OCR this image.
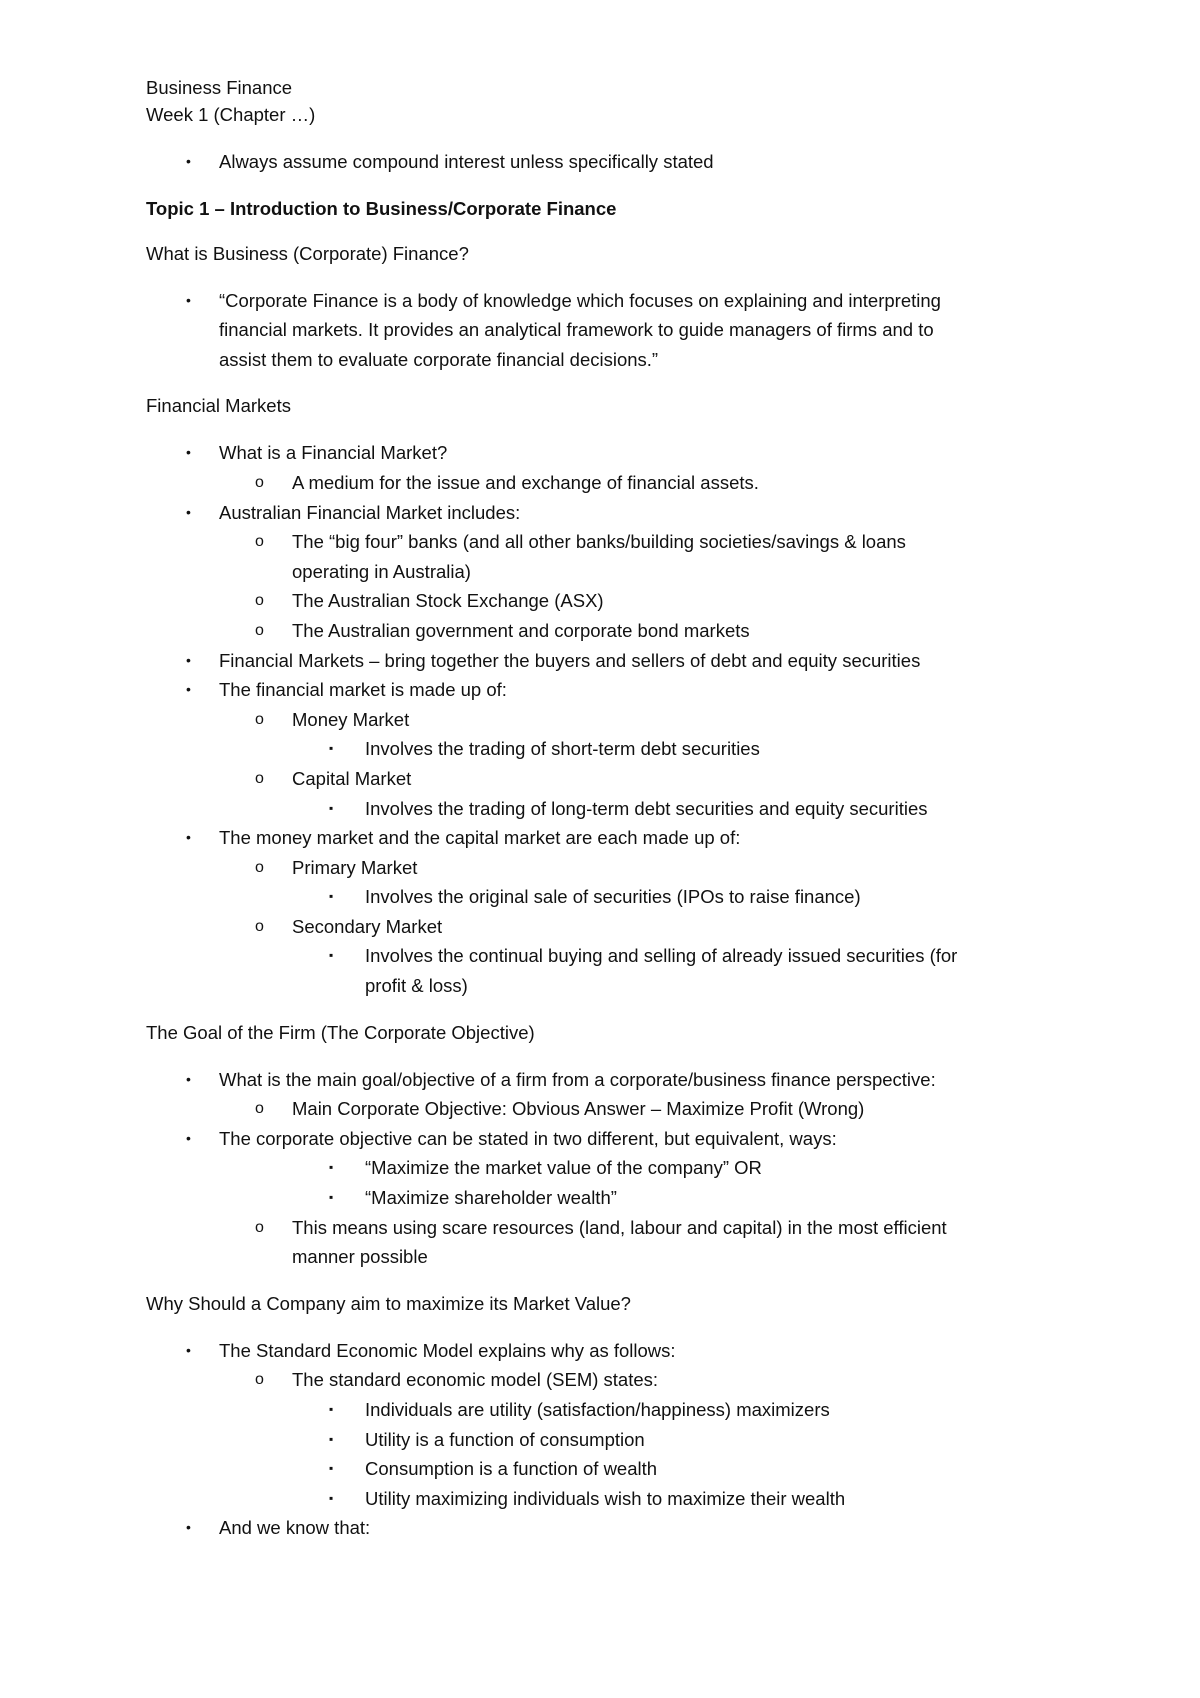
Business Finance

Week 1 (Chapter …)

• Always assume compound interest unless specifically stated

Topic 1 – Introduction to Business/Corporate Finance

What is Business (Corporate) Finance?

• “Corporate Finance is a body of knowledge which focuses on explaining and interpreting
financial markets. It provides an analytical framework to guide managers of firms and to
assist them to evaluate corporate financial decisions.”

Financial Markets

• What is a Financial Market?
o A medium for the issue and exchange of financial assets.
• Australian Financial Market includes:
o The “big four” banks (and all other banks/building societies/savings & loans
operating in Australia)
o The Australian Stock Exchange (ASX)
o The Australian government and corporate bond markets
• Financial Markets – bring together the buyers and sellers of debt and equity securities
• The financial market is made up of:
o Money Market
▪ Involves the trading of short-term debt securities
o Capital Market
▪ Involves the trading of long-term debt securities and equity securities
• The money market and the capital market are each made up of:
o Primary Market
▪ Involves the original sale of securities (IPOs to raise finance)
o Secondary Market
▪ Involves the continual buying and selling of already issued securities (for
profit & loss)

The Goal of the Firm (The Corporate Objective)

• What is the main goal/objective of a firm from a corporate/business finance perspective:
o Main Corporate Objective: Obvious Answer – Maximize Profit (Wrong)
• The corporate objective can be stated in two different, but equivalent, ways:
▪ “Maximize the market value of the company” OR
▪ “Maximize shareholder wealth”
o This means using scare resources (land, labour and capital) in the most efficient
manner possible

Why Should a Company aim to maximize its Market Value?

• The Standard Economic Model explains why as follows:
o The standard economic model (SEM) states:
▪ Individuals are utility (satisfaction/happiness) maximizers
▪ Utility is a function of consumption
▪ Consumption is a function of wealth
▪ Utility maximizing individuals wish to maximize their wealth
• And we know that:
